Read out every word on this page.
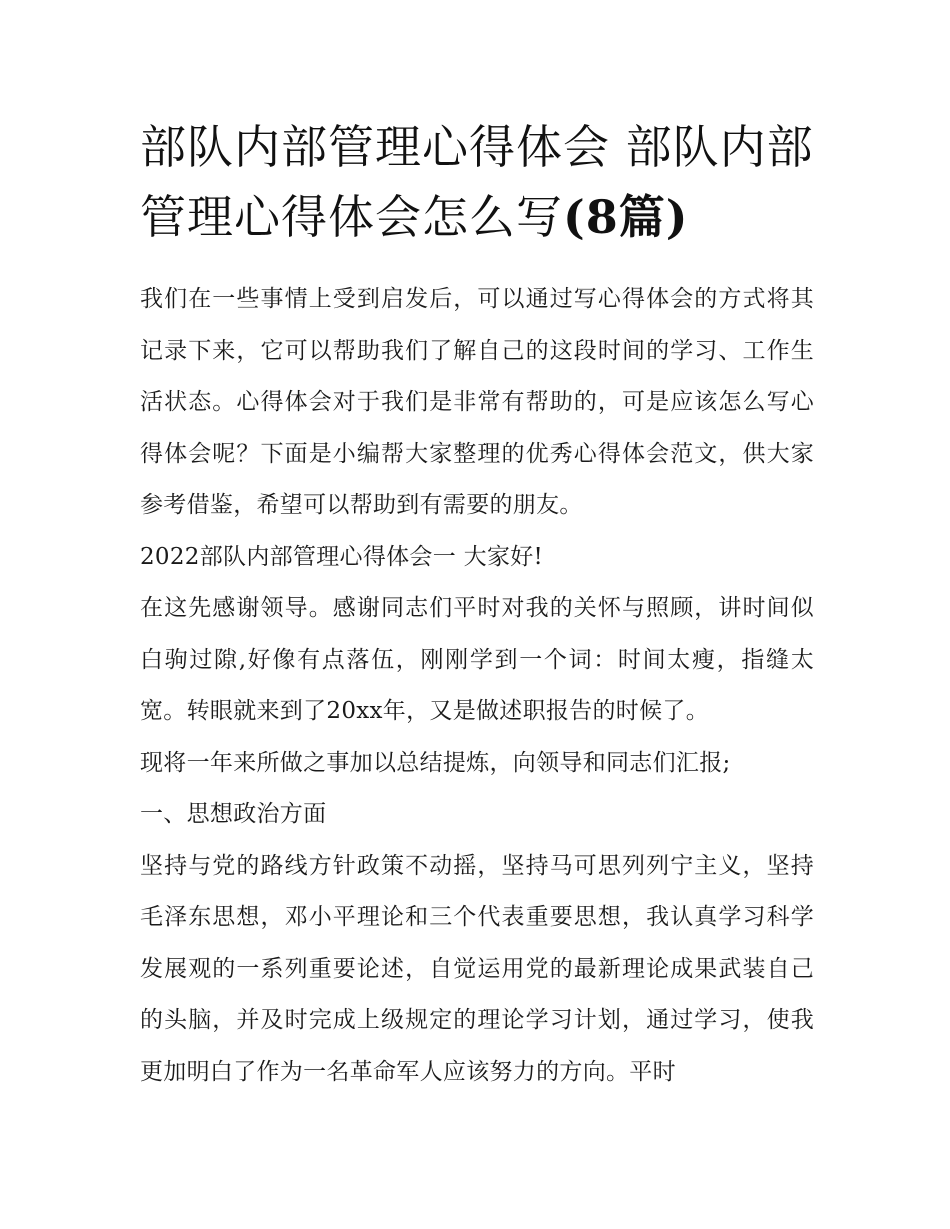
部队内部管理心得体会 部队内部管理心得体会怎么写(8篇)

我们在一些事情上受到启发后，可以通过写心得体会的方式将其记录下来，它可以帮助我们了解自己的这段时间的学习、工作生活状态。心得体会对于我们是非常有帮助的，可是应该怎么写心得体会呢？下面是小编帮大家整理的优秀心得体会范文，供大家参考借鉴，希望可以帮助到有需要的朋友。

2022部队内部管理心得体会一 大家好!

在这先感谢领导。感谢同志们平时对我的关怀与照顾，讲时间似白驹过隙,好像有点落伍，刚刚学到一个词：时间太瘦，指缝太宽。转眼就来到了20xx年，又是做述职报告的时候了。

现将一年来所做之事加以总结提炼，向领导和同志们汇报;

一、思想政治方面

坚持与党的路线方针政策不动摇，坚持马可思列列宁主义，坚持毛泽东思想，邓小平理论和三个代表重要思想，我认真学习科学发展观的一系列重要论述，自觉运用党的最新理论成果武装自己的头脑，并及时完成上级规定的理论学习计划，通过学习，使我更加明白了作为一名革命军人应该努力的方向。平时
